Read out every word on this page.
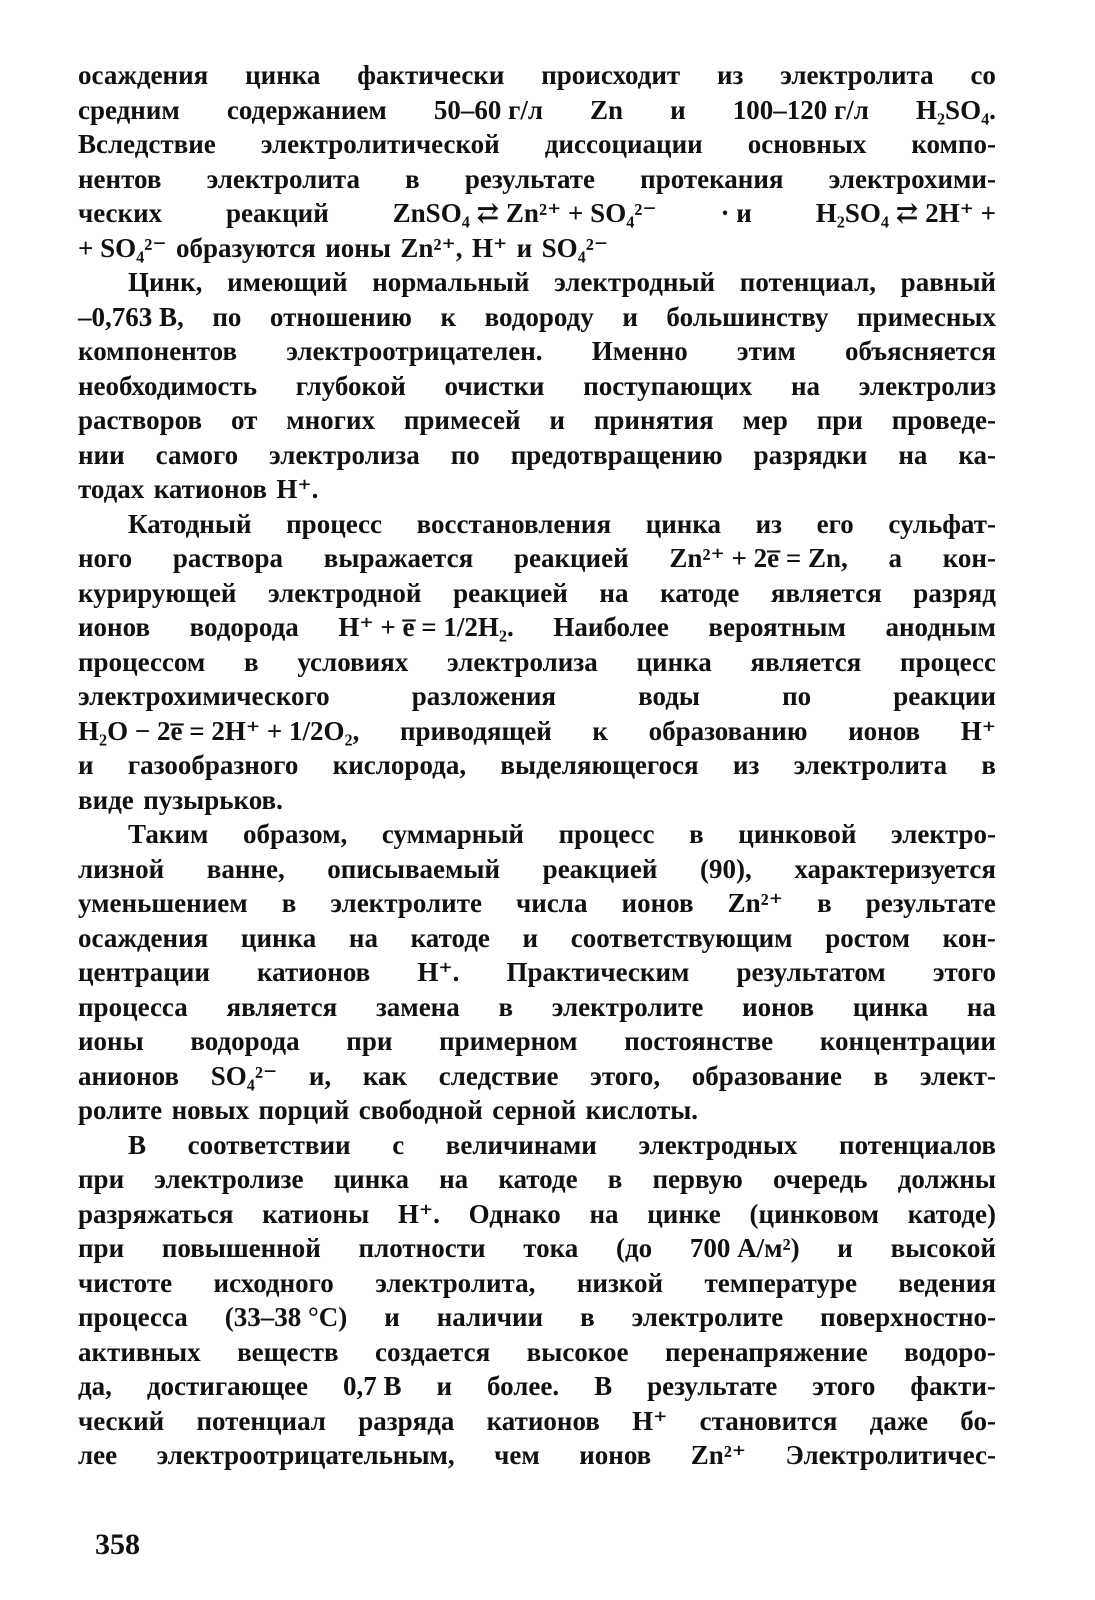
осаждения цинка фактически происходит из электролита со
средним содержанием 50–60 г/л Zn и 100–120 г/л H₂SO₄.
Вследствие электролитической диссоциации основных компо-
нентов электролита в результате протекания электрохими-
ческих реакций ZnSO₄ ⇄ Zn²⁺ + SO₄²⁻ · и H₂SO₄ ⇄ 2H⁺ +
+ SO₄²⁻ образуются ионы Zn²⁺, H⁺ и SO₄²⁻
Цинк, имеющий нормальный электродный потенциал, равный
–0,763 В, по отношению к водороду и большинству примесных
компонентов электроотрицателен. Именно этим объясняется
необходимость глубокой очистки поступающих на электролиз
растворов от многих примесей и принятия мер при проведе-
нии самого электролиза по предотвращению разрядки на ка-
тодах катионов H⁺.
Катодный процесс восстановления цинка из его сульфат-
ного раствора выражается реакцией Zn²⁺ + 2e̅ = Zn, а кон-
курирующей электродной реакцией на катоде является разряд
ионов водорода H⁺ + e̅ = 1/2H₂. Наиболее вероятным анодным
процессом в условиях электролиза цинка является процесс
электрохимического	разложения	воды	по	реакции
H₂O − 2e̅ = 2H⁺ + 1/2O₂, приводящей к образованию ионов H⁺
и газообразного кислорода, выделяющегося из электролита в
виде пузырьков.
Таким образом, суммарный процесс в цинковой электро-
лизной ванне, описываемый реакцией (90), характеризуется
уменьшением в электролите числа ионов Zn²⁺ в результате
осаждения цинка на катоде и соответствующим ростом кон-
центрации катионов H⁺. Практическим результатом этого
процесса является замена в электролите ионов цинка на
ионы водорода при примерном постоянстве концентрации
анионов SO₄²⁻ и, как следствие этого, образование в элект-
ролите новых порций свободной серной кислоты.
В соответствии с величинами электродных потенциалов
при электролизе цинка на катоде в первую очередь должны
разряжаться катионы H⁺. Однако на цинке (цинковом катоде)
при повышенной плотности тока (до 700 А/м²) и высокой
чистоте исходного электролита, низкой температуре ведения
процесса (33–38 °С) и наличии в электролите поверхностно-
активных веществ создается высокое перенапряжение водоро-
да, достигающее 0,7 В и более. В результате этого факти-
ческий потенциал разряда катионов H⁺ становится даже бо-
лее электроотрицательным, чем ионов Zn²⁺ Электролитичес-
358
